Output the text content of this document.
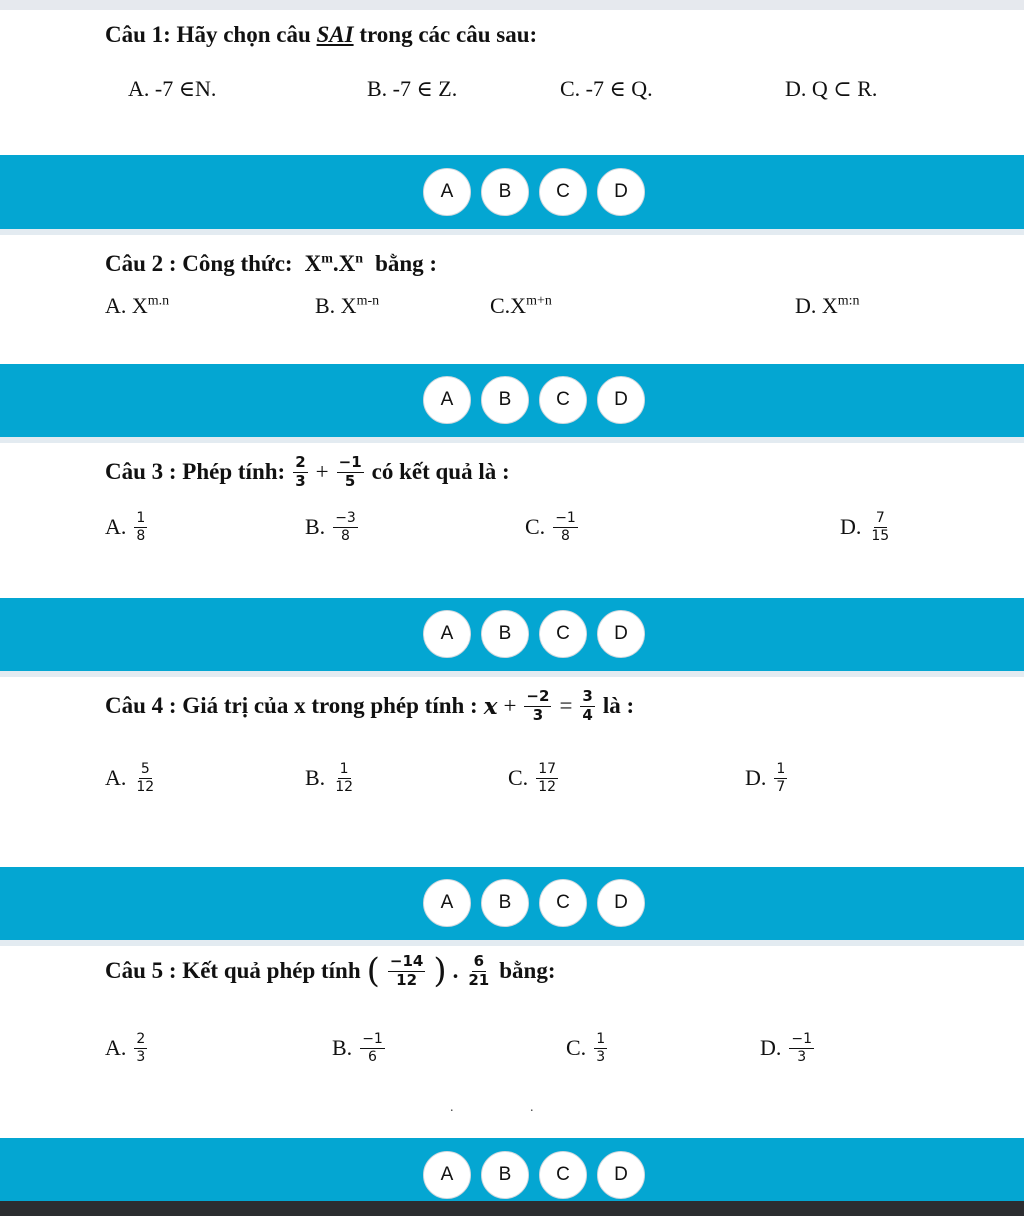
Câu 1: Hãy chọn câu SAI trong các câu sau:
A. -7 ∈N.	B. -7 ∈ Z.	C. -7 ∈ Q.	D. Q ⊂ R.
A	B	C	D
Câu 2 : Công thức: $X^m.X^n$ bằng :
A. $X^{m.n}$	B. $X^{m-n}$	$C.X^{m+n}$	D. $X^{m:n}$
A	B	C	D
Câu 3 : Phép tính: $\frac{2}{3} + \frac{-1}{5}$ có kết quả là :
A. $\frac{1}{8}$	B. $\frac{-3}{8}$	C. $\frac{-1}{8}$	D. $\frac{7}{15}$
A	B	C	D
Câu 4 : Giá trị của x trong phép tính : $x + \frac{-2}{3} = \frac{3}{4}$ là :
A. $\frac{5}{12}$	B. $\frac{1}{12}$	C. $\frac{17}{12}$	D. $\frac{1}{7}$
A	B	C	D
Câu 5 : Kết quả phép tính ( $\frac{-14}{12}$ ) . $\frac{6}{21}$ bằng:
A. $\frac{2}{3}$	B. $\frac{-1}{6}$	C. $\frac{1}{3}$	D. $\frac{-1}{3}$
.	.
A	B	C	D
